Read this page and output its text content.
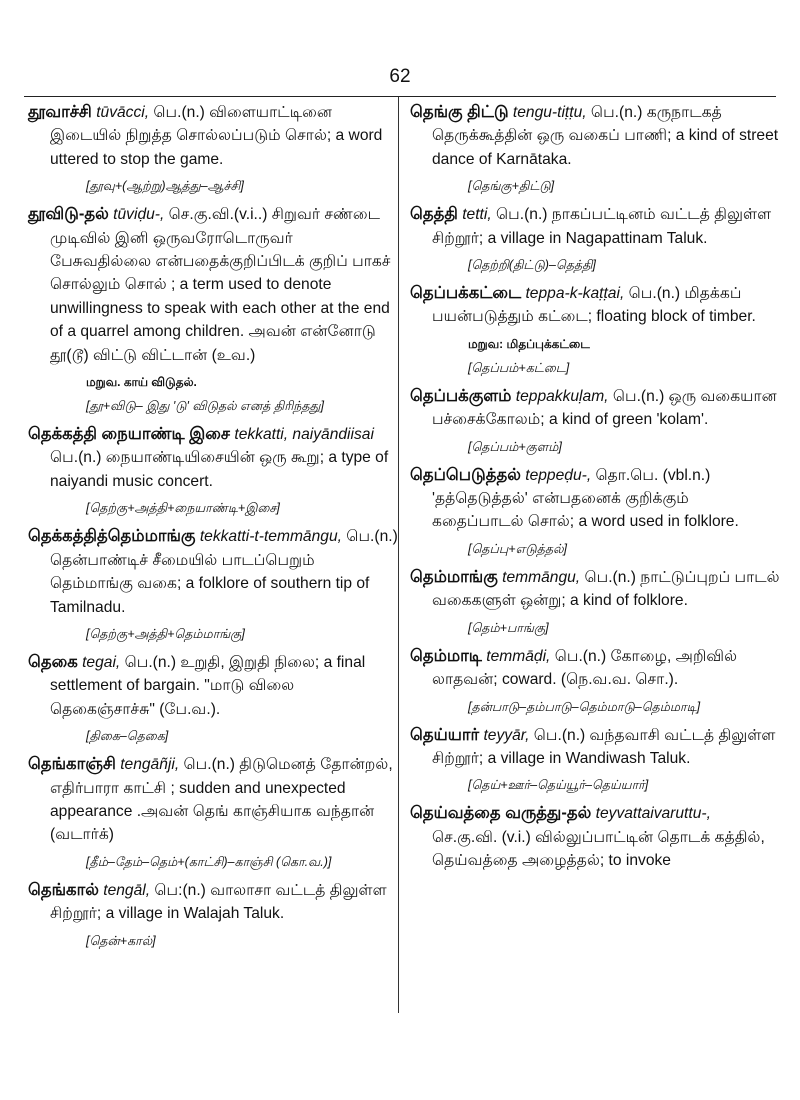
62

தூவாச்சி tūvācci, பெ.(n.) விளையாட்டினை இடையில் நிறுத்த சொல்லப்படும் சொல்; a word uttered to stop the game.

[தூவு+(ஆற்று)ஆத்து–ஆச்சி]

தூவிடு-தல் tūviḍu-, செ.கு.வி.(v.i..) சிறுவர் சண்டை முடிவில் இனி ஒருவரோடொருவர் பேசுவதில்லை என்பதைக்குறிப்பிடக் குறிப் பாகச் சொல்லும் சொல் ; a term used to denote unwillingness to speak with each other at the end of a quarrel among children. அவன் என்னோடு தூ(டூ) விட்டு விட்டான் (உவ.)

மறுவ. காய் விடுதல்.
[தூ+விடு– இது 'டு' விடுதல் எனத் திரிந்தது]

தெக்கத்தி நையாண்டி இசை tekkatti, naiyāndiisai பெ.(n.) நையாண்டியிசையின் ஒரு கூறு; a type of naiyandi music concert.

[தெற்கு+அத்தி+நையாண்டி+இசை]

தெக்கத்தித்தெம்மாங்கு tekkatti-t-temmāngu, பெ.(n.) தென்பாண்டிச் சீமையில் பாடப்பெறும் தெம்மாங்கு வகை; a folklore of southern tip of Tamilnadu.

[தெற்கு+அத்தி+தெம்மாங்கு]

தெகை tegai, பெ.(n.) உறுதி, இறுதி நிலை; a final settlement of bargain. "மாடு விலை தெகைஞ்சாச்சு" (பே.வ.).

[திகை–தெகை]

தெங்காஞ்சி tengāñji, பெ.(n.) திடுமெனத் தோன்றல், எதிர்பாரா காட்சி ; sudden and unexpected appearance .அவன் தெங் காஞ்சியாக வந்தான் (வடார்க்)

[தீம்–தேம்–தெம்+(காட்சி)–காஞ்சி (கொ.வ.)]

தெங்கால் tengāl, பெ:(n.) வாலாசா வட்டத் திலுள்ள சிற்றூர்; a village in Walajah Taluk.

[தென்+கால்]

தெங்கு திட்டு tengu-tiṭṭu, பெ.(n.) கருநாடகத் தெருக்கூத்தின் ஒரு வகைப் பாணி; a kind of street dance of Karnātaka.

[தெங்கு+திட்டு]

தெத்தி tetti, பெ.(n.) நாகப்பட்டினம் வட்டத் திலுள்ள சிற்றூர்; a village in Nagapattinam Taluk.

[தெற்றி(திட்டு)–தெத்தி]

தெப்பக்கட்டை teppa-k-kaṭṭai, பெ.(n.) மிதக்கப் பயன்படுத்தும் கட்டை; floating block of timber.

மறுவ: மிதப்புக்கட்டை
[தெப்பம்+கட்டை]

தெப்பக்குளம் teppakkuḷam, பெ.(n.) ஒரு வகையான பச்சைக்கோலம்; a kind of green 'kolam'.

[தெப்பம்+குளம்]

தெப்பெடுத்தல் teppeḍu-, தொ.பெ. (vbl.n.) 'தத்தெடுத்தல்' என்பதனைக் குறிக்கும் கதைப்பாடல் சொல்; a word used in folklore.

[தெப்பு+எடுத்தல்]

தெம்மாங்கு temmāngu, பெ.(n.) நாட்டுப்புறப் பாடல் வகைகளுள் ஒன்று; a kind of folklore.

[தெம்+பாங்கு]

தெம்மாடி temmāḍi, பெ.(n.) கோழை, அறிவில் லாதவன்; coward. (நெ.வ.வ. சொ.).

[தன்பாடு–தம்பாடு–தெம்மாடு–தெம்மாடி]

தெய்யார் teyyār, பெ.(n.) வந்தவாசி வட்டத் திலுள்ள சிற்றூர்; a village in Wandiwash Taluk.

[தெய்+ஊர்–தெய்யூர்–தெய்யார்]

தெய்வத்தை வருத்து-தல் teyvattaivaruttu-, செ.கு.வி. (v.i.) வில்லுப்பாட்டின் தொடக் கத்தில், தெய்வத்தை அழைத்தல்; to invoke
